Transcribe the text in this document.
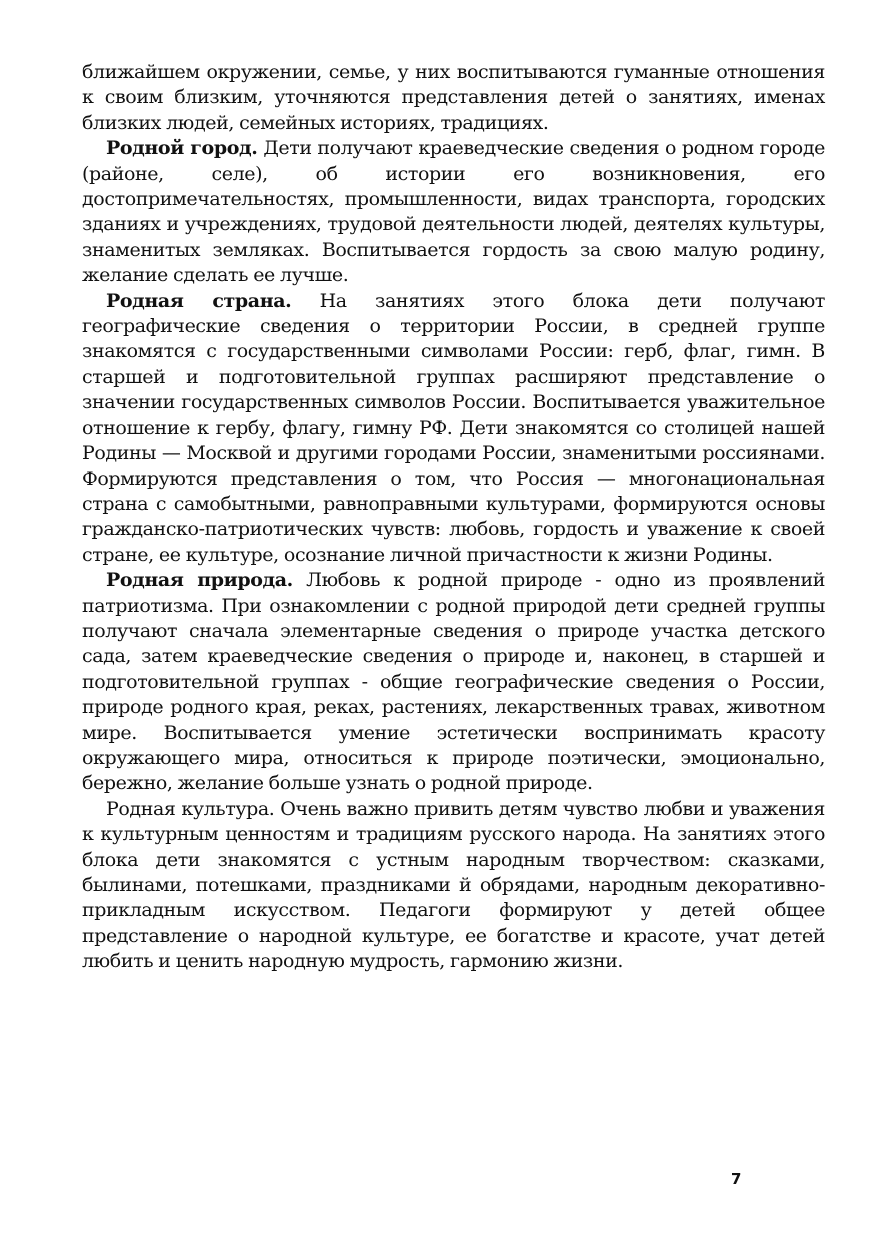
ближайшем окружении, семье, у них воспитываются гуманные отношения к своим близким, уточняются представления детей о занятиях, именах близких людей, семейных историях, традициях.

Родной город. Дети получают краеведческие сведения о родном городе (районе, селе), об истории его возникновения, его достопримечательностях, промышленности, видах транспорта, городских зданиях и учреждениях, трудовой деятельности людей, деятелях культуры, знаменитых земляках. Воспитывается гордость за свою малую родину, желание сделать ее лучше.

Родная страна. На занятиях этого блока дети получают географические сведения о территории России, в средней группе знакомятся с государственными символами России: герб, флаг, гимн. В старшей и подготовительной группах расширяют представление о значении государственных символов России. Воспитывается уважительное отношение к гербу, флагу, гимну РФ. Дети знакомятся со столицей нашей Родины — Москвой и другими городами России, знаменитыми россиянами. Формируются представления о том, что Россия — многонациональная страна с самобытными, равноправными культурами, формируются основы гражданско-патриотических чувств: любовь, гордость и уважение к своей стране, ее культуре, осознание личной причастности к жизни Родины.

Родная природа. Любовь к родной природе - одно из проявлений патриотизма. При ознакомлении с родной природой дети средней группы получают сначала элементарные сведения о природе участка детского сада, затем краеведческие сведения о природе и, наконец, в старшей и подготовительной группах - общие географические сведения о России, природе родного края, реках, растениях, лекарственных травах, животном мире. Воспитывается умение эстетически воспринимать красоту окружающего мира, относиться к природе поэтически, эмоционально, бережно, желание больше узнать о родной природе.

Родная культура. Очень важно привить детям чувство любви и уважения к культурным ценностям и традициям русского народа. На занятиях этого блока дети знакомятся с устным народным творчеством: сказками, былинами, потешками, праздниками й обрядами, народным декоративно-прикладным искусством. Педагоги формируют у детей общее представление о народной культуре, ее богатстве и красоте, учат детей любить и ценить народную мудрость, гармонию жизни.

7
